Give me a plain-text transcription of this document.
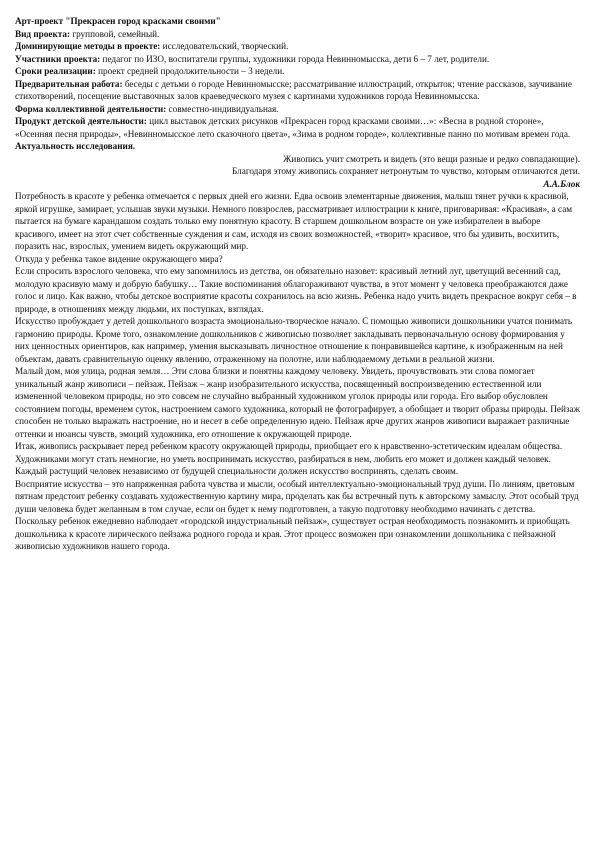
Арт-проект "Прекрасен город красками своими"

Вид проекта: групповой, семейный.

Доминирующие методы в проекте: исследовательский, творческий.

Участники проекта: педагог по ИЗО, воспитатели группы, художники города Невинномысска, дети 6 – 7 лет, родители.

Сроки реализации: проект средней продолжительности – 3 недели.

Предварительная работа: беседы с детьми о городе Невинномысске; рассматривание иллюстраций, открыток; чтение рассказов, заучивание стихотворений, посещение выставочных залов краеведческого музея с картинами художников города Невинномысска.

Форма коллективной деятельности: совместно-индивидуальная.

Продукт детской деятельности: цикл выставок детских рисунков «Прекрасен город красками своими…»: «Весна в родной стороне», «Осенняя песня природы», «Невинномысское лето сказочного цвета», «Зима в родном городе», коллективные панно по мотивам времен года.

Актуальность исследования.

Живопись учит смотреть и видеть (это вещи разные и редко совпадающие).

Благодаря этому живопись сохраняет нетронутым то чувство, которым отличаются дети.

А.А.Блок

Потребность в красоте у ребенка отмечается с первых дней его жизни. Едва освоив элементарные движения, малыш тянет ручки к красивой, яркой игрушке, замирает, услышав звуки музыки. Немного повзрослев, рассматривает иллюстрации к книге, приговаривая: «Красивая», а сам пытается на бумаге карандашом создать только ему понятную красоту. В старшем дошкольном возрасте он уже избирателен в выборе красивого, имеет на этот счет собственные суждения и сам, исходя из своих возможностей, «творит» красивое, что бы удивить, восхитить, поразить нас, взрослых, умением видеть окружающий мир.

Откуда у ребенка такое видение окружающего мира?

Если спросить взрослого человека, что ему запомнилось из детства, он обязательно назовет: красивый летний луг, цветущий весенний сад, молодую красивую маму и добрую бабушку… Такие воспоминания облагораживают чувства, в этот момент у человека преображаются даже голос и лицо. Как важно, чтобы детское восприятие красоты сохранилось на всю жизнь. Ребенка надо учить видеть прекрасное вокруг себя – в природе, в отношениях между людьми, их поступках, взглядах.

Искусство пробуждает у детей дошкольного возраста эмоционально-творческое начало. С помощью живописи дошкольники учатся понимать гармонию природы. Кроме того, ознакомление дошкольников с живописью позволяет закладывать первоначальную основу формирования у них ценностных ориентиров, как например, умения высказывать личностное отношение к понравившейся картине, к изображенным на ней объектам, давать сравнительную оценку явлению, отраженному на полотне, или наблюдаемому детьми в реальной жизни.

Малый дом, моя улица, родная земля… Эти слова близки и понятны каждому человеку. Увидеть, прочувствовать эти слова помогает уникальный жанр живописи – пейзаж. Пейзаж – жанр изобразительного искусства, посвященный воспроизведению естественной или измененной человеком природы, но это совсем не случайно выбранный художником уголок природы или города. Его выбор обусловлен состоянием погоды, временем суток, настроением самого художника, который не фотографирует, а обобщает и творит образы природы. Пейзаж способен не только выражать настроение, но и несет в себе определенную идею. Пейзаж ярче других жанров живописи выражает различные оттенки и нюансы чувств, эмоций художника, его отношение к окружающей природе.

Итак, живопись раскрывает перед ребенком красоту окружающей природы, приобщает его к нравственно-эстетическим идеалам общества.

Художниками могут стать немногие, но уметь воспринимать искусство, разбираться в нем, любить его может и должен каждый человек. Каждый растущий человек независимо от будущей специальности должен искусство воспринять, сделать своим.

Восприятие искусства – это напряженная работа чувства и мысли, особый интеллектуально-эмоциональный труд души. По линиям, цветовым пятнам предстоит ребенку создавать художественную картину мира, проделать как бы встречный путь к авторскому замыслу. Этот особый труд души человека будет желанным в том случае, если он будет к нему подготовлен, а такую подготовку необходимо начинать с детства.

Поскольку ребенок ежедневно наблюдает «городской индустриальный пейзаж», существует острая необходимость познакомить и приобщать дошкольника к красоте лирического пейзажа родного города и края. Этот процесс возможен при ознакомлении дошкольника с пейзажной живописью художников нашего города.
